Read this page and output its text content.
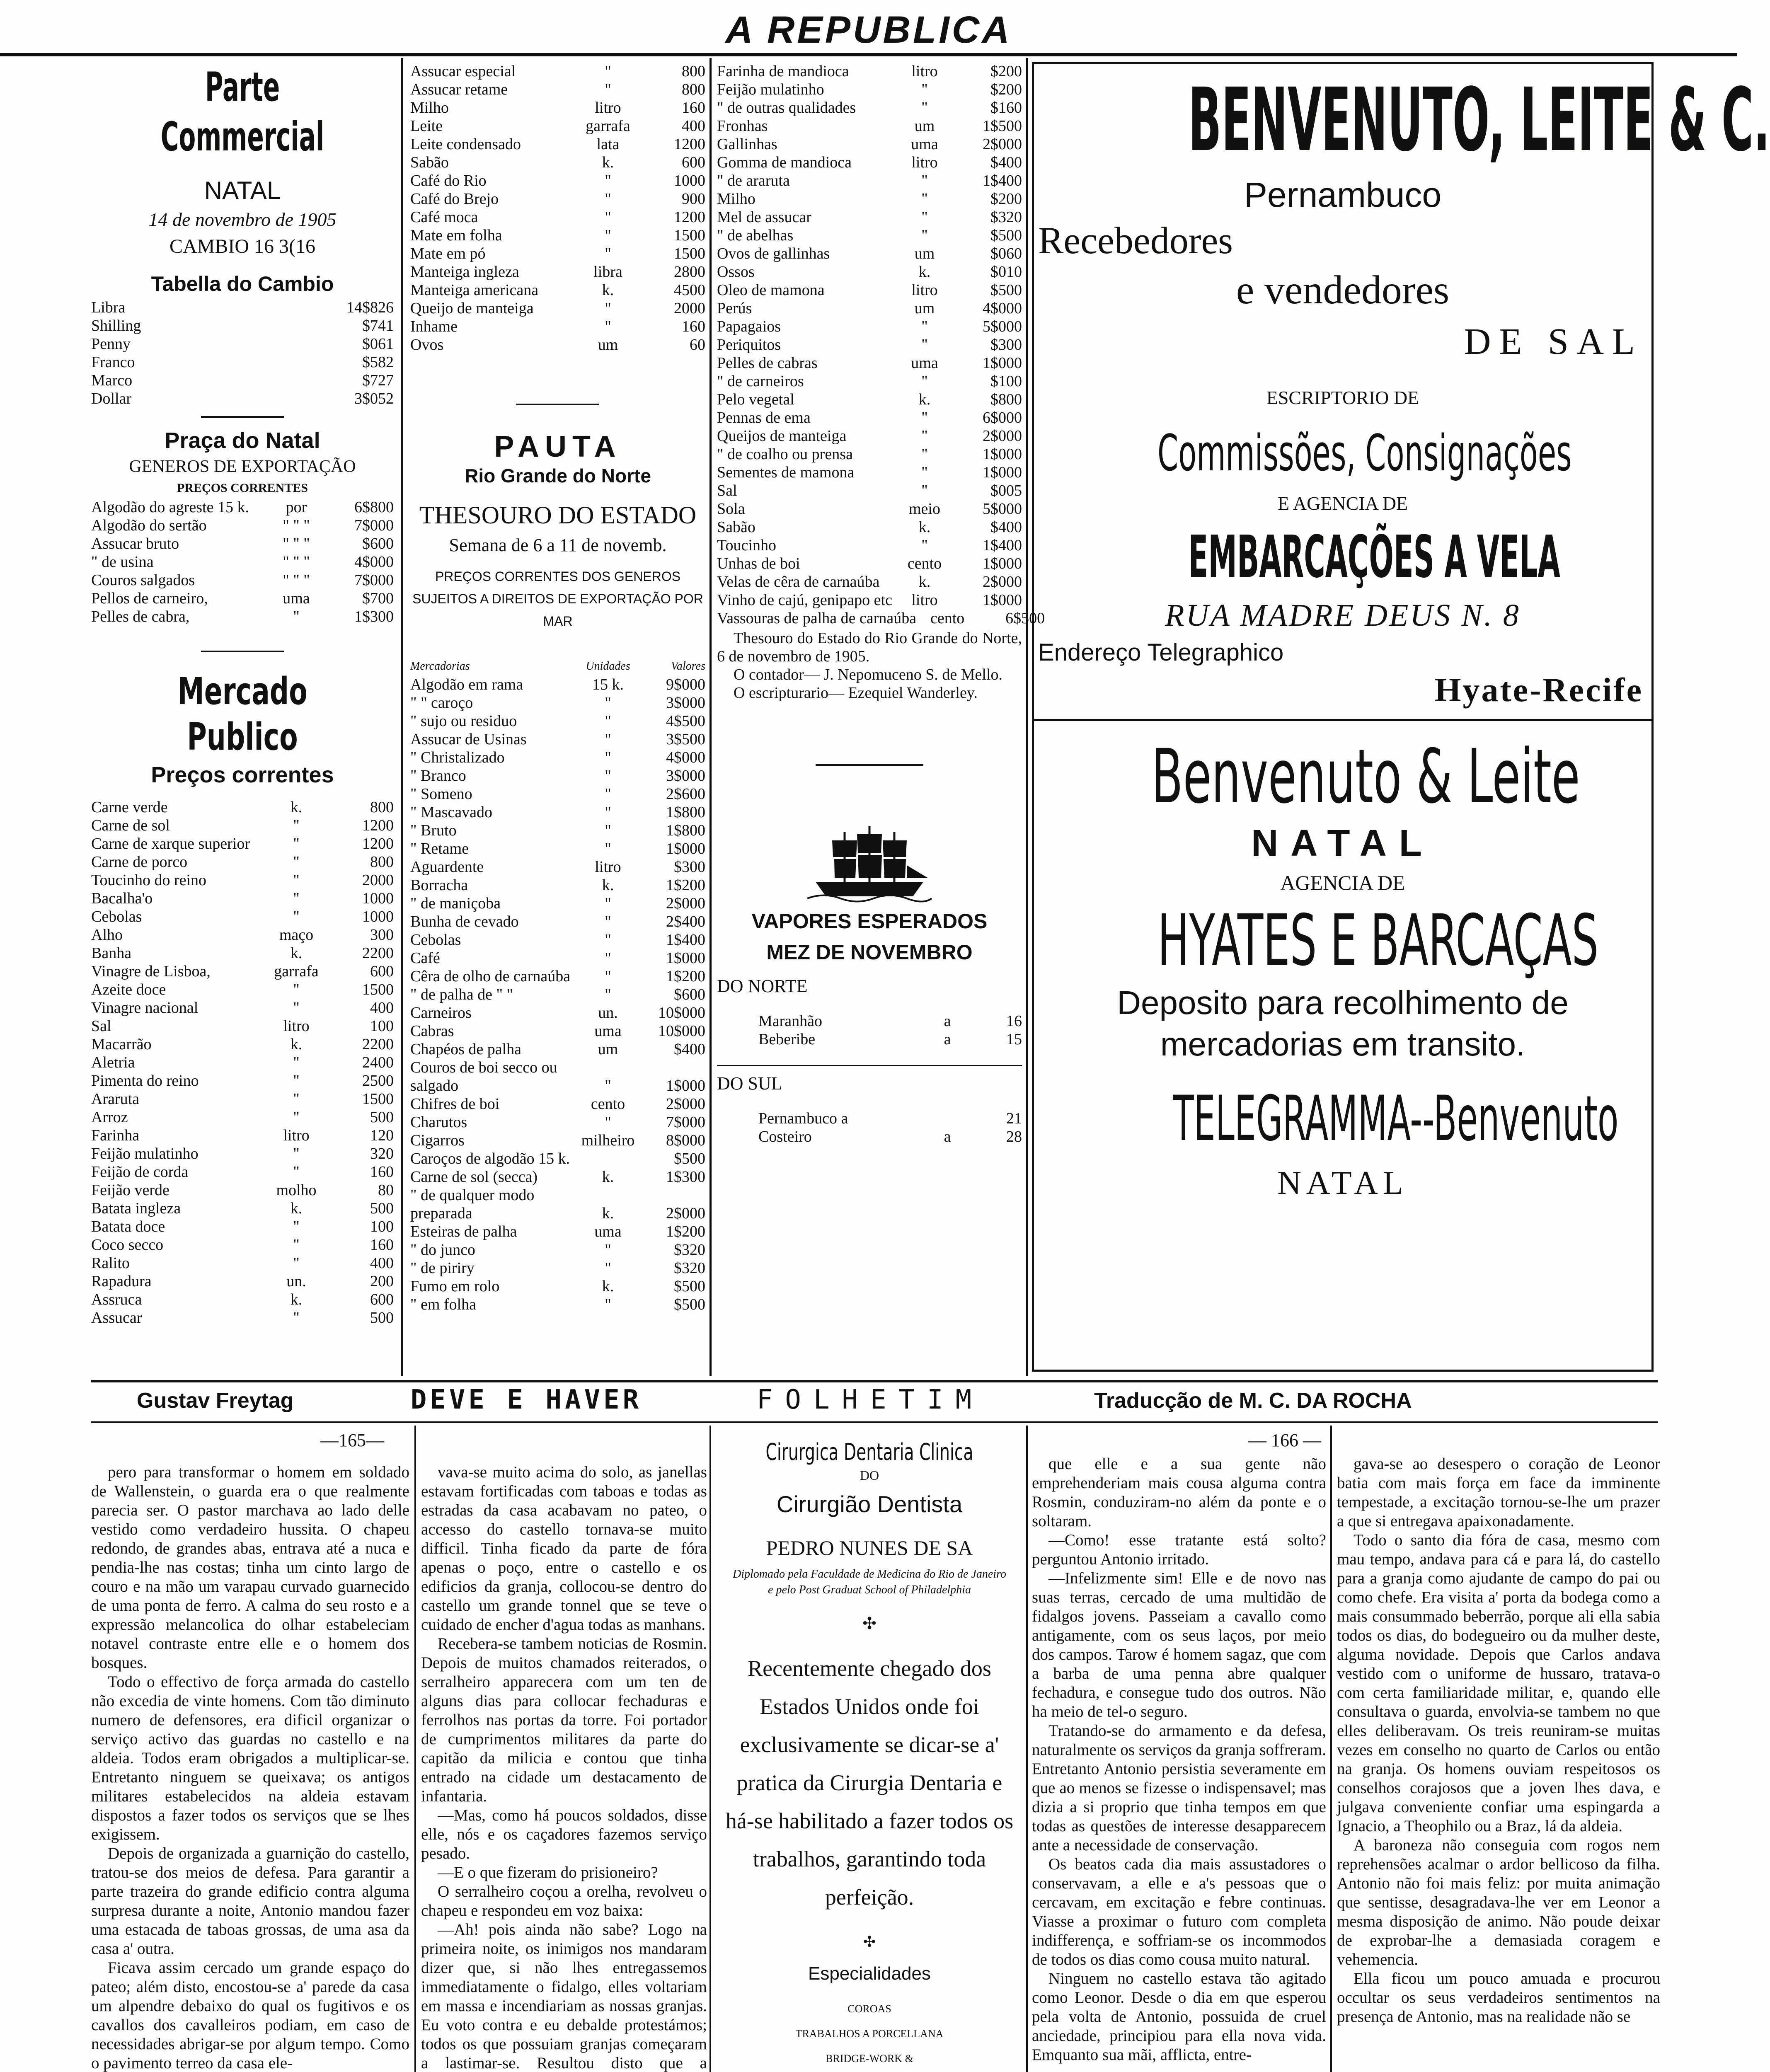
A REPUBLICA
Parte Commercial
NATAL
14 de novembro de 1905
CAMBIO 16 3(16
Tabella do Cambio
Libra	14$826
Shilling	$741
Penny	$061
Franco	$582
Marco	$727
Dollar	3$052
Praça do Natal
GENEROS DE EXPORTAÇÃO
PREÇOS CORRENTES
Algodão do agreste 15 k.	por	6$800
Algodão do sertão	" " "	7$000
Assucar bruto	" " "	$600
" de usina	" " "	4$000
Couros salgados	" " "	7$000
Pellos de carneiro,	uma	$700
Pelles de cabra,	"	1$300
Mercado Publico
Preços correntes
Carne verde	k.	800
Carne de sol	"	1200
Carne de xarque superior	"	1200
Carne de porco	"	800
Toucinho do reino	"	2000
Bacalha'o	"	1000
Cebolas	"	1000
Alho	maço	300
Banha	k.	2200
Vinagre de Lisboa,	garrafa	600
Azeite doce	"	1500
Vinagre nacional	"	400
Sal	litro	100
Macarrão	k.	2200
Aletria	"	2400
Pimenta do reino	"	2500
Araruta	"	1500
Arroz	"	500
Farinha	litro	120
Feijão mulatinho	"	320
Feijão de corda	"	160
Feijão verde	molho	80
Batata ingleza	k.	500
Batata doce	"	100
Coco secco	"	160
Ralito	"	400
Rapadura	un.	200
Assruca	k.	600
Assucar	"	500
Assucar especial	"	800
Assucar retame	"	800
Milho	litro	160
Leite	garrafa	400
Leite condensado	lata	1200
Sabão	k.	600
Café do Rio	"	1000
Café do Brejo	"	900
Café moca	"	1200
Mate em folha	"	1500
Mate em pó	"	1500
Manteiga ingleza	libra	2800
Manteiga americana	k.	4500
Queijo de manteiga	"	2000
Inhame	"	160
Ovos	um	60
PAUTA
Rio Grande do Norte
THESOURO DO ESTADO
Semana de 6 a 11 de novemb.
PREÇOS CORRENTES DOS GENEROS SUJEITOS A DIREITOS DE EXPORTAÇÃO POR MAR
Mercadorias	Unidades	Valores
Algodão em rama	15 k.	9$000
" " caroço	"	3$000
" sujo ou residuo	"	4$500
Assucar de Usinas	"	3$500
" Christalizado	"	4$000
" Branco	"	3$000
" Someno	"	2$600
" Mascavado	"	1$800
" Bruto	"	1$800
" Retame	"	1$000
Aguardente	litro	$300
Borracha	k.	1$200
" de maniçoba	"	2$000
Bunha de cevado	"	2$400
Cebolas	"	1$400
Café	"	1$000
Cêra de olho de carnaúba	"	1$200
" de palha de " "	"	$600
Carneiros	un.	10$000
Cabras	uma	10$000
Chapéos de palha	um	$400
Couros de boi secco ou
salgado	"	1$000
Chifres de boi	cento	2$000
Charutos	"	7$000
Cigarros	milheiro	8$000
Caroços de algodão 15 k.	$500
Carne de sol (secca)	k.	1$300
" de qualquer modo
preparada	k.	2$000
Esteiras de palha	uma	1$200
" do junco	"	$320
" de piriry	"	$320
Fumo em rolo	k.	$500
" em folha	"	$500
Farinha de mandioca	litro	$200
Feijão mulatinho	"	$200
" de outras qualidades	"	$160
Fronhas	um	1$500
Gallinhas	uma	2$000
Gomma de mandioca	litro	$400
" de araruta	"	1$400
Milho	"	$200
Mel de assucar	"	$320
" de abelhas	"	$500
Ovos de gallinhas	um	$060
Ossos	k.	$010
Oleo de mamona	litro	$500
Perús	um	4$000
Papagaios	"	5$000
Periquitos	"	$300
Pelles de cabras	uma	1$000
" de carneiros	"	$100
Pelo vegetal	k.	$800
Pennas de ema	"	6$000
Queijos de manteiga	"	2$000
" de coalho ou prensa	"	1$000
Sementes de mamona	"	1$000
Sal	"	$005
Sola	meio	5$000
Sabão	k.	$400
Toucinho	"	1$400
Unhas de boi	cento	1$000
Velas de cêra de carnaúba	k.	2$000
Vinho de cajú, genipapo etc	litro	1$000
Vassouras de palha de carnaúba cento	6$500

Thesouro do Estado do Rio Grande do Norte, 6 de novembro de 1905.

O contador— J. Nepomuceno S. de Mello.

O escripturario— Ezequiel Wanderley.

VAPORES ESPERADOS
MEZ DE NOVEMBRO
DO NORTE
Maranhão	a	16
Beberibe	a	15
DO SUL
Pernambuco a	21
Costeiro	a	28
BENVENUTO, LEITE & C.
Pernambuco
Recebedores
e vendedores
DE SAL
ESCRIPTORIO DE
Commissões, Consignações
E AGENCIA DE
EMBARCAÇÕES A VELA
RUA MADRE DEUS N. 8
Endereço Telegraphico
Hyate-Recife
Benvenuto & Leite
NATAL
AGENCIA DE
HYATES E BARCAÇAS
Deposito para recolhimento de mercadorias em transito.
TELEGRAMMA--Benvenuto
NATAL
Gustav Freytag	DEVE E HAVER	FOLHETIM	Traducção de M. C. DA ROCHA
—165—	— 166 —

pero para transformar o homem em soldado de Wallenstein, o guarda era o que realmente parecia ser. O pastor marchava ao lado delle vestido como verdadeiro hussita. O chapeu redondo, de grandes abas, entrava até a nuca e pendia-lhe nas costas; tinha um cinto largo de couro e na mão um varapau curvado guarnecido de uma ponta de ferro. A calma do seu rosto e a expressão melancolica do olhar estabeleciam notavel contraste entre elle e o homem dos bosques.

Todo o effectivo de força armada do castello não excedia de vinte homens. Com tão diminuto numero de defensores, era dificil organizar o serviço activo das guardas no castello e na aldeia. Todos eram obrigados a multiplicar-se. Entretanto ninguem se queixava; os antigos militares estabelecidos na aldeia estavam dispostos a fazer todos os serviços que se lhes exigissem.

Depois de organizada a guarnição do castello, tratou-se dos meios de defesa. Para garantir a parte trazeira do grande edificio contra alguma surpresa durante a noite, Antonio mandou fazer uma estacada de taboas grossas, de uma asa da casa a' outra.

Ficava assim cercado um grande espaço do pateo; além disto, encostou-se a' parede da casa um alpendre debaixo do qual os fugitivos e os cavallos dos cavalleiros podiam, em caso de necessidades abrigar-se por algum tempo. Como o pavimento terreo da casa ele-

vava-se muito acima do solo, as janellas estavam fortificadas com taboas e todas as estradas da casa acabavam no pateo, o accesso do castello tornava-se muito difficil. Tinha ficado da parte de fóra apenas o poço, entre o castello e os edificios da granja, collocou-se dentro do castello um grande tonnel que se teve o cuidado de encher d'agua todas as manhans.

Recebera-se tambem noticias de Rosmin. Depois de muitos chamados reiterados, o serralheiro apparecera com um ten de alguns dias para collocar fechaduras e ferrolhos nas portas da torre. Foi portador de cumprimentos militares da parte do capitão da milicia e contou que tinha entrado na cidade um destacamento de infantaria.

—Mas, como há poucos soldados, disse elle, nós e os caçadores fazemos serviço pesado.

—E o que fizeram do prisioneiro?

O serralheiro coçou a orelha, revolveu o chapeu e respondeu em voz baixa:

—Ah! pois ainda não sabe? Logo na primeira noite, os inimigos nos mandaram dizer que, si não lhes entregassemos immediatamente o fidalgo, elles voltariam em massa e incendiariam as nossas granjas. Eu voto contra e eu debalde protestámos; todos os que possuiam granjas começaram a lastimar-se. Resultou disto que a

que elle e a sua gente não emprehenderiam mais cousa alguma contra Rosmin, conduziram-no além da ponte e o soltaram.

—Como! esse tratante está solto? perguntou Antonio irritado.

—Infelizmente sim! Elle e de novo nas suas terras, cercado de uma multidão de fidalgos jovens. Passeiam a cavallo como antigamente, com os seus laços, por meio dos campos. Tarow é homem sagaz, que com a barba de uma penna abre qualquer fechadura, e consegue tudo dos outros. Não ha meio de tel-o seguro.

Tratando-se do armamento e da defesa, naturalmente os serviços da granja soffreram. Entretanto Antonio persistia severamente em que ao menos se fizesse o indispensavel; mas dizia a si proprio que tinha tempos em que todas as questões de interesse desapparecem ante a necessidade de conservação.

Os beatos cada dia mais assustadores o conservavam, a elle e a's pessoas que o cercavam, em excitação e febre continuas. Viasse a proximar o futuro com completa indifferença, e soffriam-se os incommodos de todos os dias como cousa muito natural.

Ninguem no castello estava tão agitado como Leonor. Desde o dia em que esperou pela volta de Antonio, possuida de cruel anciedade, principiou para ella nova vida. Emquanto sua mãi, afflicta, entre-

gava-se ao desespero o coração de Leonor batia com mais força em face da imminente tempestade, a excitação tornou-se-lhe um prazer a que si entregava apaixonadamente.

Todo o santo dia fóra de casa, mesmo com mau tempo, andava para cá e para lá, do castello para a granja como ajudante de campo do pai ou como chefe. Era visita a' porta da bodega como a mais consummado beberrão, porque ali ella sabia todos os dias, do bodegueiro ou da mulher deste, alguma novidade. Depois que Carlos andava vestido com o uniforme de hussaro, tratava-o com certa familiaridade militar, e, quando elle consultava o guarda, envolvia-se tambem no que elles deliberavam. Os treis reuniram-se muitas vezes em conselho no quarto de Carlos ou então na granja. Os homens ouviam respeitosos os conselhos corajosos que a joven lhes dava, e julgava conveniente confiar uma espingarda a Ignacio, a Theophilo ou a Braz, lá da aldeia.

A baroneza não conseguia com rogos nem reprehensões acalmar o ardor bellicoso da filha. Antonio não foi mais feliz: por muita animação que sentisse, desagradava-lhe ver em Leonor a mesma disposição de animo. Não poude deixar de exprobar-lhe a demasiada coragem e vehemencia.

Ella ficou um pouco amuada e procurou occultar os seus verdadeiros sentimentos na presença de Antonio, mas na realidade não se

Cirurgica Dentaria Clinica
DO
Cirurgião Dentista
PEDRO NUNES DE SA
Diplomado pela Faculdade de Medicina do Rio de Janeiro e pelo Post Graduat School of Philadelphia
✣
Recentemente chegado dos Estados Unidos onde foi exclusivamente se dicar-se a' pratica da Cirurgia Dentaria e há-se habilitado a fazer todos os trabalhos, garantindo toda perfeição.
✣
Especialidades
COROAS
TRABALHOS A PORCELLANA
BRIDGE-WORK &
